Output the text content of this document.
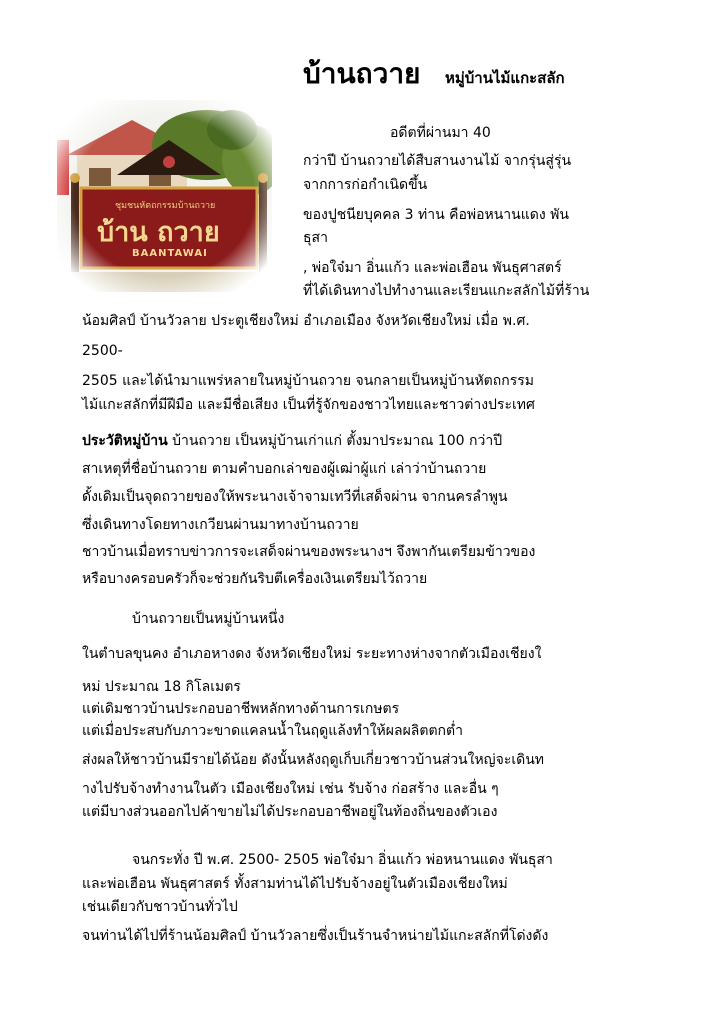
บ้านถวาย หมู่บ้านไม้แกะสลัก
ชุมชนหัตถกรรมบ้านถวาย
บ้าน ถวาย
BAANTAWAI
อดีตที่ผ่านมา 40
กว่าปี บ้านถวายได้สืบสานงานไม้ จากรุ่นสู่รุ่น
จากการก่อกำเนิดขึ้น
ของปูชนียบุคคล 3 ท่าน คือพ่อหนานแดง พัน
ธุสา
, พ่อใจ๋มา อิ่นแก้ว และพ่อเฮือน พันธุศาสตร์
ที่ได้เดินทางไปทำงานและเรียนแกะสลักไม้ที่ร้าน
น้อมศิลป์ บ้านวัวลาย ประตูเชียงใหม่ อำเภอเมือง จังหวัดเชียงใหม่ เมื่อ พ.ศ.
2500-
2505 และได้นำมาแพร่หลายในหมู่บ้านถวาย จนกลายเป็นหมู่บ้านหัตถกรรม
ไม้แกะสลักที่มีฝีมือ และมีชื่อเสียง เป็นที่รู้จักของชาวไทยและชาวต่างประเทศ
ประวัติหมู่บ้าน บ้านถวาย เป็นหมู่บ้านเก่าแก่ ตั้งมาประมาณ 100 กว่าปี
สาเหตุที่ชื่อบ้านถวาย ตามคำบอกเล่าของผู้เฒ่าผู้แก่ เล่าว่าบ้านถวาย
ดั้งเดิมเป็นจุดถวายของให้พระนางเจ้าจามเทวีที่เสด็จผ่าน จากนครลำพูน
ซึ่งเดินทางโดยทางเกวียนผ่านมาทางบ้านถวาย
ชาวบ้านเมื่อทราบข่าวการจะเสด็จผ่านของพระนางฯ จึงพากันเตรียมข้าวของ
หรือบางครอบครัวก็จะช่วยกันริบตีเครื่องเงินเตรียมไว้ถวาย
บ้านถวายเป็นหมู่บ้านหนึ่ง
ในตำบลขุนคง อำเภอหางดง จังหวัดเชียงใหม่ ระยะทางห่างจากตัวเมืองเชียงใ
หม่ ประมาณ 18 กิโลเมตร
แต่เดิมชาวบ้านประกอบอาชีพหลักทางด้านการเกษตร
แต่เมื่อประสบกับภาวะขาดแคลนน้ำในฤดูแล้งทำให้ผลผลิตตกต่ำ
ส่งผลให้ชาวบ้านมีรายได้น้อย ดังนั้นหลังฤดูเก็บเกี่ยวชาวบ้านส่วนใหญ่จะเดินท
างไปรับจ้างทำงานในตัว เมืองเชียงใหม่ เช่น รับจ้าง ก่อสร้าง และอื่น ๆ
แต่มีบางส่วนออกไปค้าขายไม่ได้ประกอบอาชีพอยู่ในท้องถิ่นของตัวเอง
จนกระทั่ง ปี พ.ศ. 2500- 2505 พ่อใจ๋มา อิ่นแก้ว พ่อหนานแดง พันธุสา
และพ่อเฮือน พันธุศาสตร์ ทั้งสามท่านได้ไปรับจ้างอยู่ในตัวเมืองเชียงใหม่
เช่นเดียวกับชาวบ้านทั่วไป
จนท่านได้ไปที่ร้านน้อมศิลป์ บ้านวัวลายซึ่งเป็นร้านจำหน่ายไม้แกะสลักที่โด่งดัง
